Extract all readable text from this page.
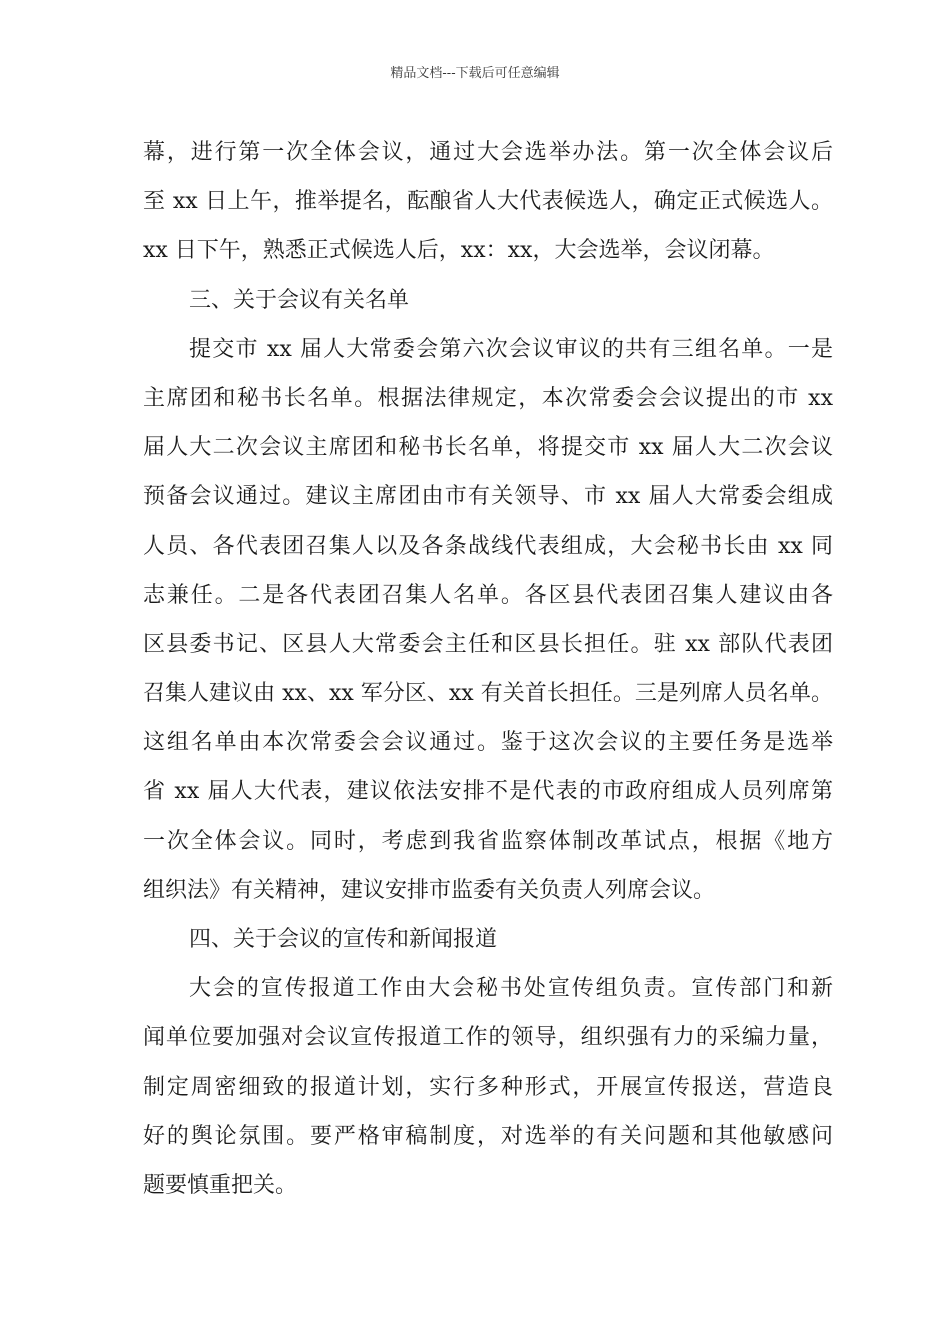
精品文档---下载后可任意编辑
幕，进行第一次全体会议，通过大会选举办法。第一次全体会议后
至 xx 日上午，推举提名，酝酿省人大代表候选人，确定正式候选人。
xx 日下午，熟悉正式候选人后，xx：xx，大会选举，会议闭幕。
三、关于会议有关名单
提交市 xx 届人大常委会第六次会议审议的共有三组名单。一是
主席团和秘书长名单。根据法律规定，本次常委会会议提出的市 xx
届人大二次会议主席团和秘书长名单，将提交市 xx 届人大二次会议
预备会议通过。建议主席团由市有关领导、市 xx 届人大常委会组成
人员、各代表团召集人以及各条战线代表组成，大会秘书长由 xx 同
志兼任。二是各代表团召集人名单。各区县代表团召集人建议由各
区县委书记、区县人大常委会主任和区县长担任。驻 xx 部队代表团
召集人建议由 xx、xx 军分区、xx 有关首长担任。三是列席人员名单。
这组名单由本次常委会会议通过。鉴于这次会议的主要任务是选举
省 xx 届人大代表，建议依法安排不是代表的市政府组成人员列席第
一次全体会议。同时，考虑到我省监察体制改革试点，根据《地方
组织法》有关精神，建议安排市监委有关负责人列席会议。
四、关于会议的宣传和新闻报道
大会的宣传报道工作由大会秘书处宣传组负责。宣传部门和新
闻单位要加强对会议宣传报道工作的领导，组织强有力的采编力量，
制定周密细致的报道计划，实行多种形式，开展宣传报送，营造良
好的舆论氛围。要严格审稿制度，对选举的有关问题和其他敏感问
题要慎重把关。
